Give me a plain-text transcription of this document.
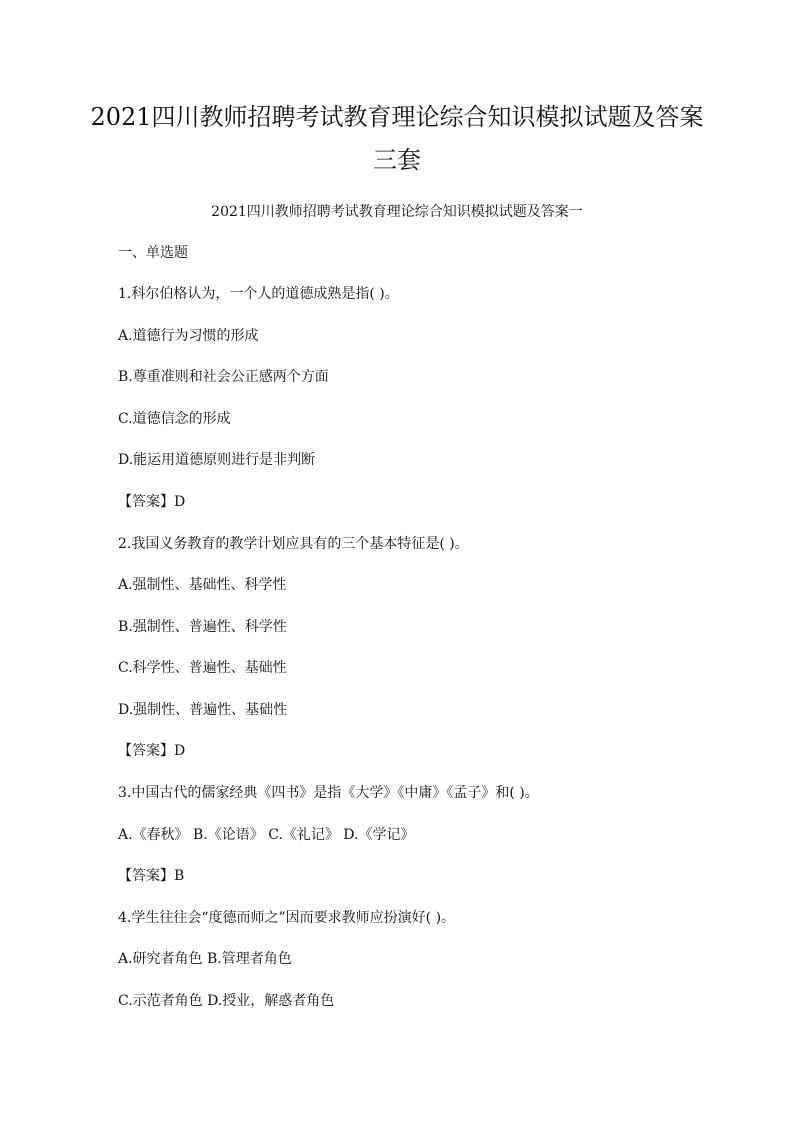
2021四川教师招聘考试教育理论综合知识模拟试题及答案
三套
2021四川教师招聘考试教育理论综合知识模拟试题及答案一
一、单选题
1.科尔伯格认为，一个人的道德成熟是指( )。
A.道德行为习惯的形成
B.尊重准则和社会公正感两个方面
C.道德信念的形成
D.能运用道德原则进行是非判断
【答案】D
2.我国义务教育的教学计划应具有的三个基本特征是( )。
A.强制性、基础性、科学性
B.强制性、普遍性、科学性
C.科学性、普遍性、基础性
D.强制性、普遍性、基础性
【答案】D
3.中国古代的儒家经典《四书》是指《大学》《中庸》《孟子》和( )。
A.《春秋》 B.《论语》 C.《礼记》 D.《学记》
【答案】B
4.学生往往会“度德而师之”因而要求教师应扮演好( )。
A.研究者角色 B.管理者角色
C.示范者角色 D.授业，解惑者角色
